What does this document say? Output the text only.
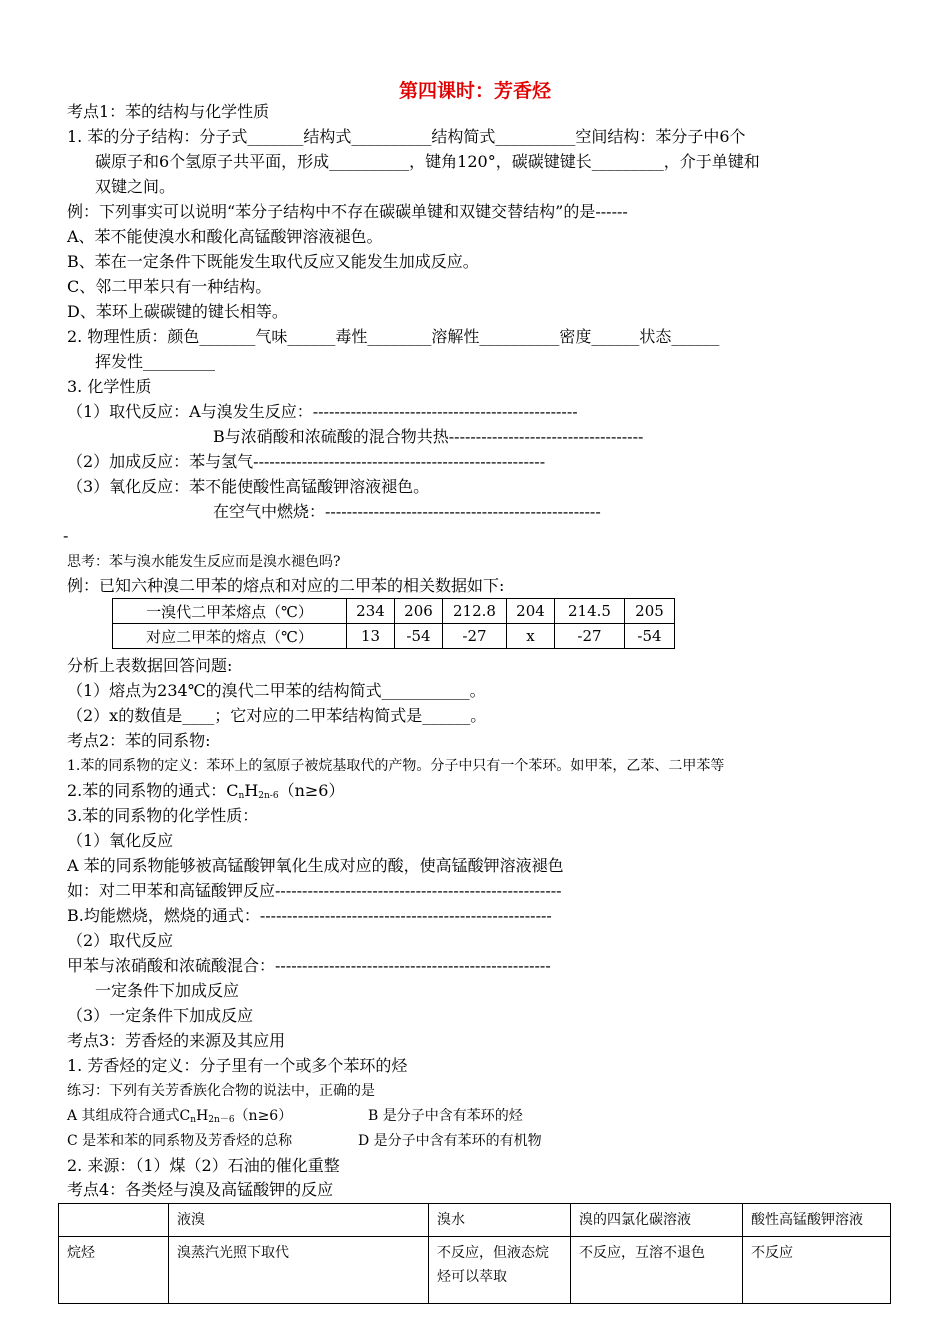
第四课时：芳香烃
考点1：苯的结构与化学性质
1. 苯的分子结构：分子式_______结构式__________结构简式__________空间结构：苯分子中6个
碳原子和6个氢原子共平面，形成__________，键角120°，碳碳键键长_________，介于单键和
双键之间。
例：下列事实可以说明“苯分子结构中不存在碳碳单键和双键交替结构”的是------
A、苯不能使溴水和酸化高锰酸钾溶液褪色。
B、苯在一定条件下既能发生取代反应又能发生加成反应。
C、邻二甲苯只有一种结构。
D、苯环上碳碳键的键长相等。
2. 物理性质：颜色_______气味______毒性________溶解性__________密度______状态______
挥发性_________
3. 化学性质
（1）取代反应：A与溴发生反应：-------------------------------------------------
B与浓硝酸和浓硫酸的混合物共热------------------------------------
（2）加成反应：苯与氢气------------------------------------------------------
（3）氧化反应：苯不能使酸性高锰酸钾溶液褪色。
在空气中燃烧：---------------------------------------------------
-
思考：苯与溴水能发生反应而是溴水褪色吗?
例：已知六种溴二甲苯的熔点和对应的二甲苯的相关数据如下:
一溴代二甲苯熔点（℃）	234	206	212.8	204	214.5	205
对应二甲苯的熔点（℃）	13	-54	-27	x	-27	-54
分析上表数据回答问题:
（1）熔点为234℃的溴代二甲苯的结构简式___________。
（2）x的数值是____；它对应的二甲苯结构简式是______。
考点2：苯的同系物:
1.苯的同系物的定义：苯环上的氢原子被烷基取代的产物。分子中只有一个苯环。如甲苯，乙苯、二甲苯等
2.苯的同系物的通式：$C_nH_{2n-6}(n\ge 6)$
3.苯的同系物的化学性质：
（1）氧化反应
A 苯的同系物能够被高锰酸钾氧化生成对应的酸，使高锰酸钾溶液褪色
如：对二甲苯和高锰酸钾反应-----------------------------------------------------
B.均能燃烧，燃烧的通式：------------------------------------------------------
（2）取代反应
甲苯与浓硝酸和浓硫酸混合：---------------------------------------------------
一定条件下加成反应
（3）一定条件下加成反应
考点3：芳香烃的来源及其应用
1. 芳香烃的定义：分子里有一个或多个苯环的烃
练习：下列有关芳香族化合物的说法中，正确的是
A 其组成符合通式$C_nH_{2n-6}(n\ge 6)$	B 是分子中含有苯环的烃
C 是苯和苯的同系物及芳香烃的总称	D 是分子中含有苯环的有机物
2. 来源：（1）煤（2）石油的催化重整
考点4：各类烃与溴及高锰酸钾的反应
	液溴	溴水	溴的四氯化碳溶液	酸性高锰酸钾溶液
烷烃	溴蒸汽光照下取代	不反应，但液态烷烃可以萃取	不反应，互溶不退色	不反应
